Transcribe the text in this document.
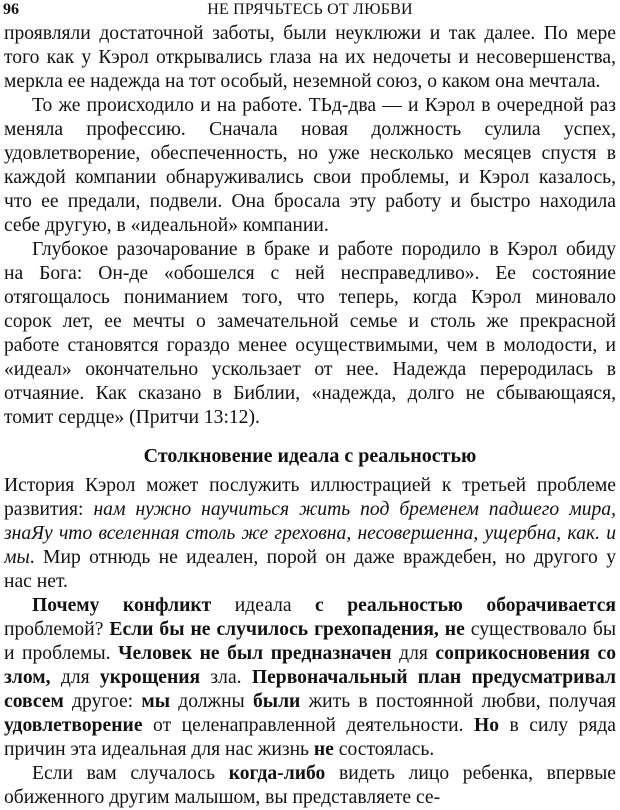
96	НЕ ПРЯЧЬТЕСЬ ОТ ЛЮБВИ
проявляли достаточной заботы, были неуклюжи и так далее. По мере
того как у Кэрол открывались глаза на их недочеты и несовершенства,
меркла ее надежда на тот особый, неземной союз, о каком она мечтала.
То же происходило и на работе. ТЬд-два — и Кэрол в очередной раз
меняла профессию. Сначала новая должность сулила успех,
удовлетворение, обеспеченность, но уже несколько месяцев спустя в
каждой компании обнаруживались свои проблемы, и Кэрол казалось,
что ее предали, подвели. Она бросала эту работу и быстро находила
себе другую, в «идеальной» компании.
Глубокое разочарование в браке и работе породило в Кэрол обиду
на Бога: Он-де «обошелся с ней несправедливо». Ее состояние
отягощалось пониманием того, что теперь, когда Кэрол миновало
сорок лет, ее мечты о замечательной семье и столь же прекрасной
работе становятся гораздо менее осуществимыми, чем в молодости, и
«идеал» окончательно ускользает от нее. Надежда переродилась в
отчаяние. Как сказано в Библии, «надежда, долго не сбывающаяся,
томит сердце» (Притчи 13:12).
Столкновение идеала с реальностью
История Кэрол может послужить иллюстрацией к третьей проблеме
развития: нам нужно научиться жить под бременем падшего мира,
знаЯу что вселенная столь же греховна, несовершенна, ущербна, как. и
мы. Мир отнюдь не идеален, порой он даже враждебен, но другого у
нас нет.
Почему конфликт идеала с реальностью оборачивается
проблемой? Если бы не случилось грехопадения, не существовало бы
и проблемы. Человек не был предназначен для соприкосновения со
злом, для укрощения зла. Первоначальный план предусматривал
совсем другое: мы должны были жить в постоянной любви, получая
удовлетворение от целенаправленной деятельности. Но в силу ряда
причин эта идеальная для нас жизнь не состоялась.
Если вам случалось когда-либо видеть лицо ребенка, впервые
обиженного другим малышом, вы представляете се-
